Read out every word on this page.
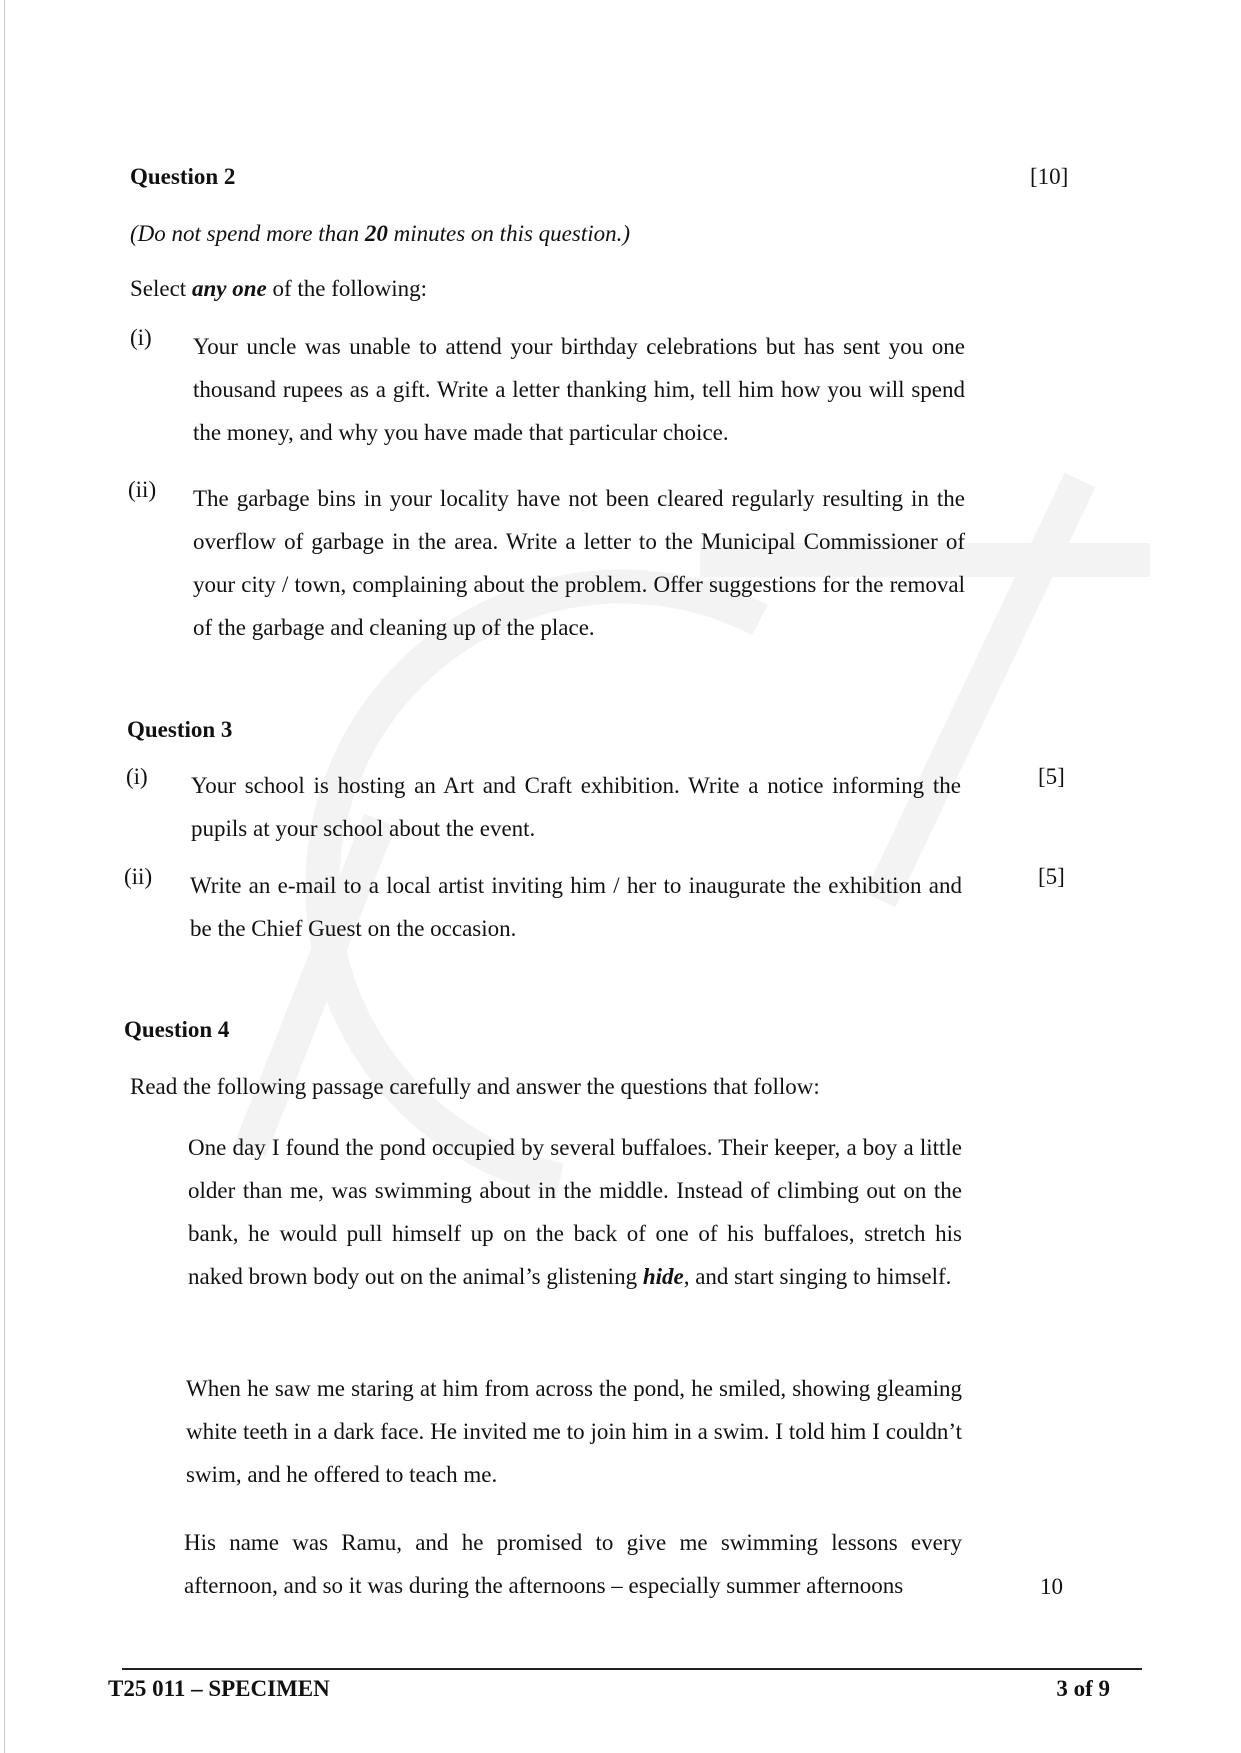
Question 2	[10]
(Do not spend more than 20 minutes on this question.)
Select any one of the following:
(i) Your uncle was unable to attend your birthday celebrations but has sent you one thousand rupees as a gift. Write a letter thanking him, tell him how you will spend the money, and why you have made that particular choice.
(ii) The garbage bins in your locality have not been cleared regularly resulting in the overflow of garbage in the area. Write a letter to the Municipal Commissioner of your city / town, complaining about the problem. Offer suggestions for the removal of the garbage and cleaning up of the place.
Question 3
(i) Your school is hosting an Art and Craft exhibition. Write a notice informing the pupils at your school about the event.
[5]
(ii) Write an e-mail to a local artist inviting him / her to inaugurate the exhibition and be the Chief Guest on the occasion.
[5]
Question 4
Read the following passage carefully and answer the questions that follow:
One day I found the pond occupied by several buffaloes. Their keeper, a boy a little older than me, was swimming about in the middle. Instead of climbing out on the bank, he would pull himself up on the back of one of his buffaloes, stretch his naked brown body out on the animal’s glistening hide, and start singing to himself.
When he saw me staring at him from across the pond, he smiled, showing gleaming white teeth in a dark face. He invited me to join him in a swim. I told him I couldn’t swim, and he offered to teach me.
His name was Ramu, and he promised to give me swimming lessons every afternoon, and so it was during the afternoons – especially summer afternoons	10
T25 011 – SPECIMEN	3 of 9
